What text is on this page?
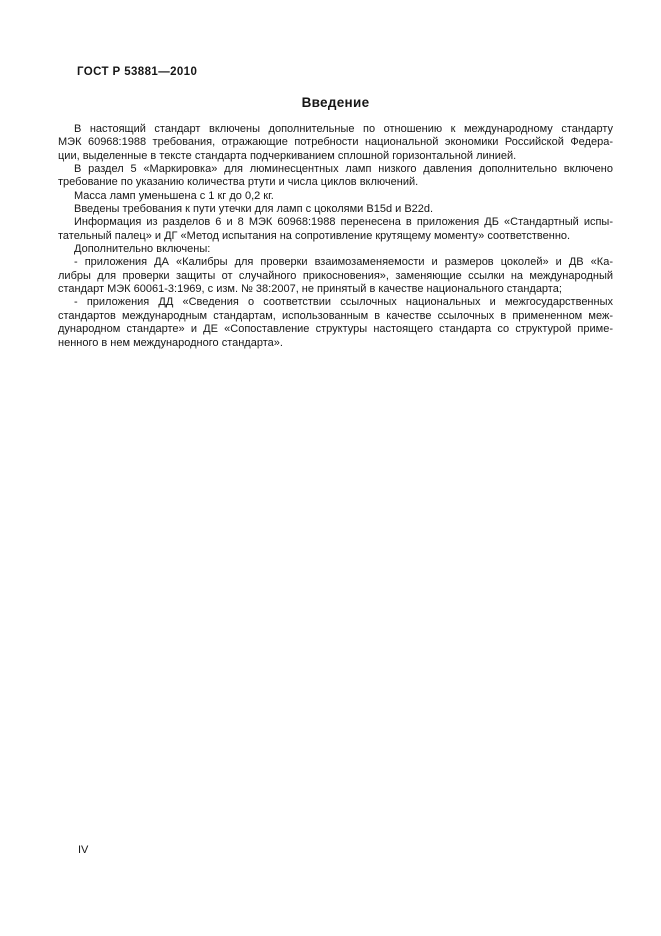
ГОСТ Р 53881—2010
Введение
В настоящий стандарт включены дополнительные по отношению к международному стандарту
МЭК 60968:1988 требования, отражающие потребности национальной экономики Российской Федера-
ции, выделенные в тексте стандарта подчеркиванием сплошной горизонтальной линией.
В раздел 5 «Маркировка» для люминесцентных ламп низкого давления дополнительно включено
требование по указанию количества ртути и числа циклов включений.
Масса ламп уменьшена с 1 кг до 0,2 кг.
Введены требования к пути утечки для ламп с цоколями B15d и B22d.
Информация из разделов 6 и 8 МЭК 60968:1988 перенесена в приложения ДБ «Стандартный испы-
тательный палец» и ДГ «Метод испытания на сопротивление крутящему моменту» соответственно.
Дополнительно включены:
- приложения ДА «Калибры для проверки взаимозаменяемости и размеров цоколей» и ДВ «Ка-
либры для проверки защиты от случайного прикосновения», заменяющие ссылки на международный
стандарт МЭК 60061-3:1969, с изм. № 38:2007, не принятый в качестве национального стандарта;
- приложения ДД «Сведения о соответствии ссылочных национальных и межгосударственных
стандартов международным стандартам, использованным в качестве ссылочных в примененном меж-
дународном стандарте» и ДЕ «Сопоставление структуры настоящего стандарта со структурой приме-
ненного в нем международного стандарта».
IV
